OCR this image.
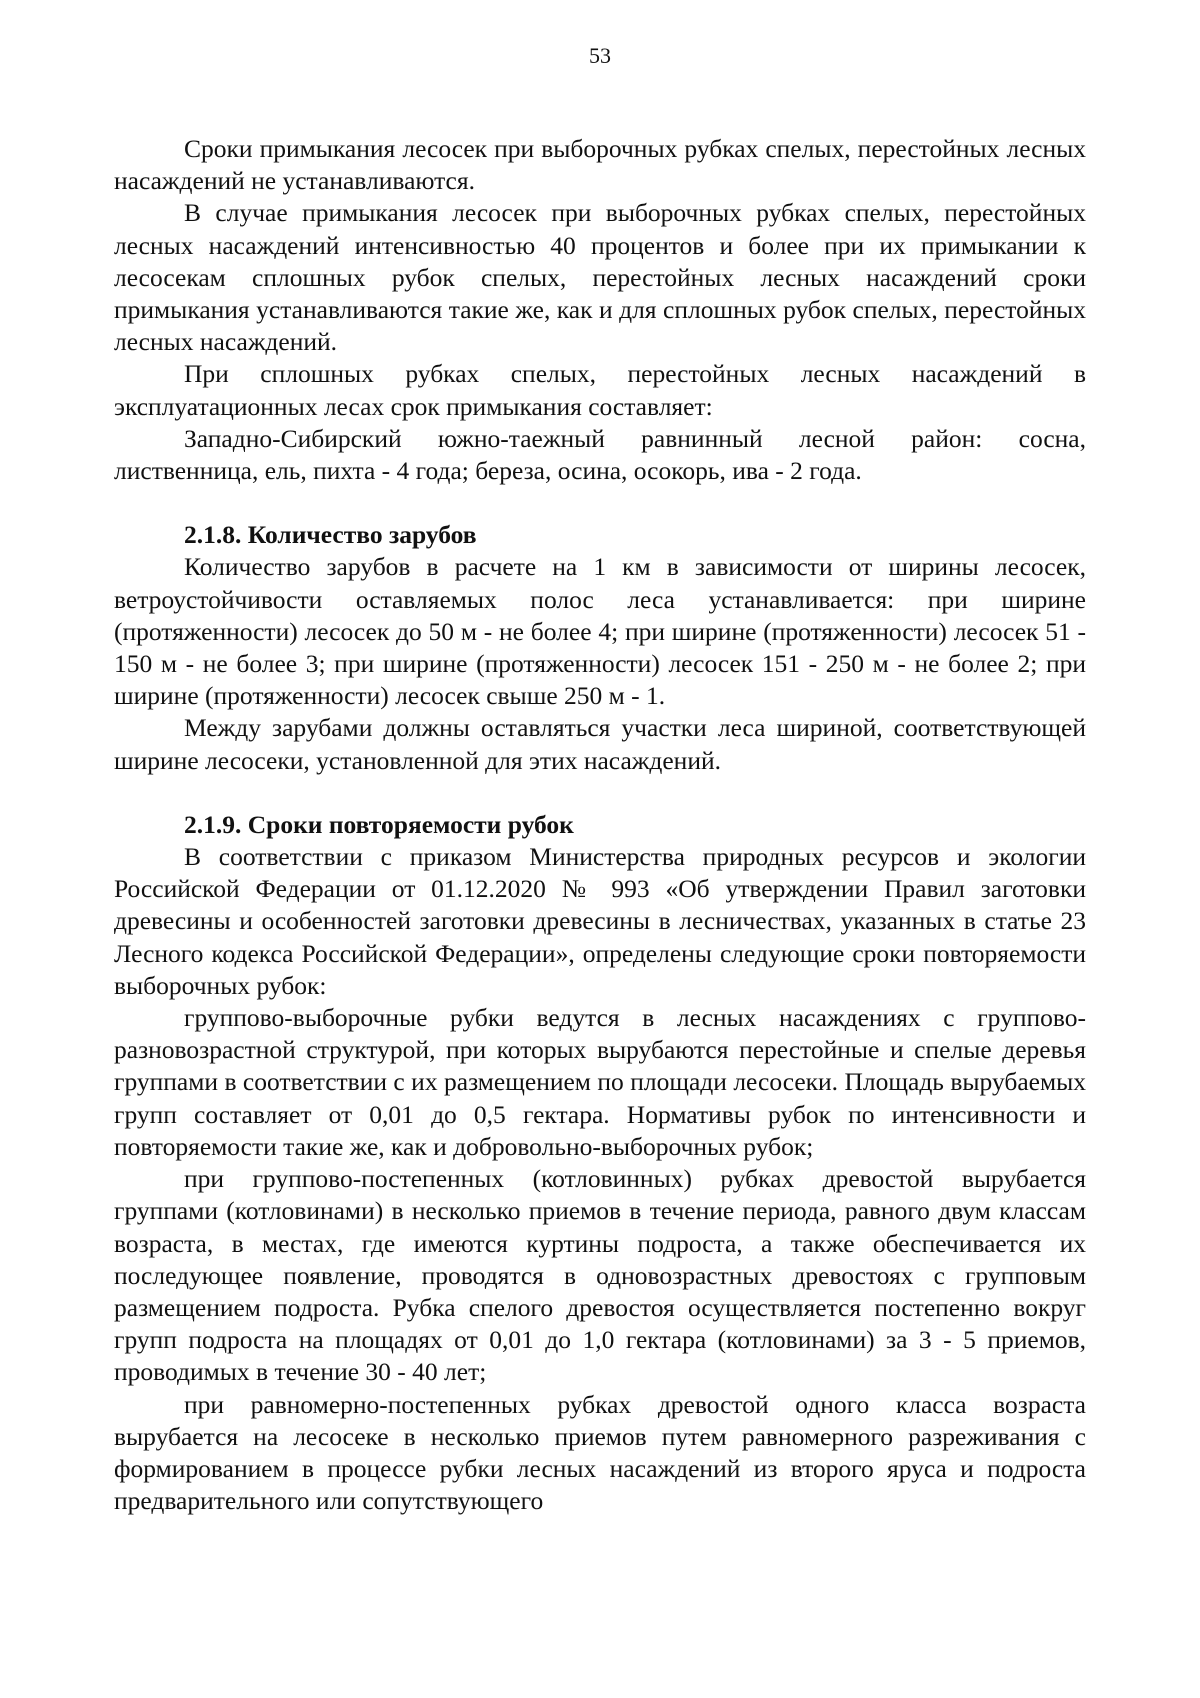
53

Сроки примыкания лесосек при выборочных рубках спелых, перестойных лесных насаждений не устанавливаются.

В случае примыкания лесосек при выборочных рубках спелых, перестойных лесных насаждений интенсивностью 40 процентов и более при их примыкании к лесосекам сплошных рубок спелых, перестойных лесных насаждений сроки примыкания устанавливаются такие же, как и для сплошных рубок спелых, перестойных лесных насаждений.

При сплошных рубках спелых, перестойных лесных насаждений в эксплуатационных лесах срок примыкания составляет:

Западно-Сибирский южно-таежный равнинный лесной район: сосна, лиственница, ель, пихта - 4 года; береза, осина, осокорь, ива - 2 года.

2.1.8. Количество зарубов

Количество зарубов в расчете на 1 км в зависимости от ширины лесосек, ветроустойчивости оставляемых полос леса устанавливается: при ширине (протяженности) лесосек до 50 м - не более 4; при ширине (протяженности) лесосек 51 - 150 м - не более 3; при ширине (протяженности) лесосек 151 - 250 м - не более 2; при ширине (протяженности) лесосек свыше 250 м - 1.

Между зарубами должны оставляться участки леса шириной, соответствующей ширине лесосеки, установленной для этих насаждений.

2.1.9. Сроки повторяемости рубок

В соответствии с приказом Министерства природных ресурсов и экологии Российской Федерации от 01.12.2020 № 993 «Об утверждении Правил заготовки древесины и особенностей заготовки древесины в лесничествах, указанных в статье 23 Лесного кодекса Российской Федерации», определены следующие сроки повторяемости выборочных рубок:

группово-выборочные рубки ведутся в лесных насаждениях с группово-разновозрастной структурой, при которых вырубаются перестойные и спелые деревья группами в соответствии с их размещением по площади лесосеки. Площадь вырубаемых групп составляет от 0,01 до 0,5 гектара. Нормативы рубок по интенсивности и повторяемости такие же, как и добровольно-выборочных рубок;

при группово-постепенных (котловинных) рубках древостой вырубается группами (котловинами) в несколько приемов в течение периода, равного двум классам возраста, в местах, где имеются куртины подроста, а также обеспечивается их последующее появление, проводятся в одновозрастных древостоях с групповым размещением подроста. Рубка спелого древостоя осуществляется постепенно вокруг групп подроста на площадях от 0,01 до 1,0 гектара (котловинами) за 3 - 5 приемов, проводимых в течение 30 - 40 лет;

при равномерно-постепенных рубках древостой одного класса возраста вырубается на лесосеке в несколько приемов путем равномерного разреживания с формированием в процессе рубки лесных насаждений из второго яруса и подроста предварительного или сопутствующего
